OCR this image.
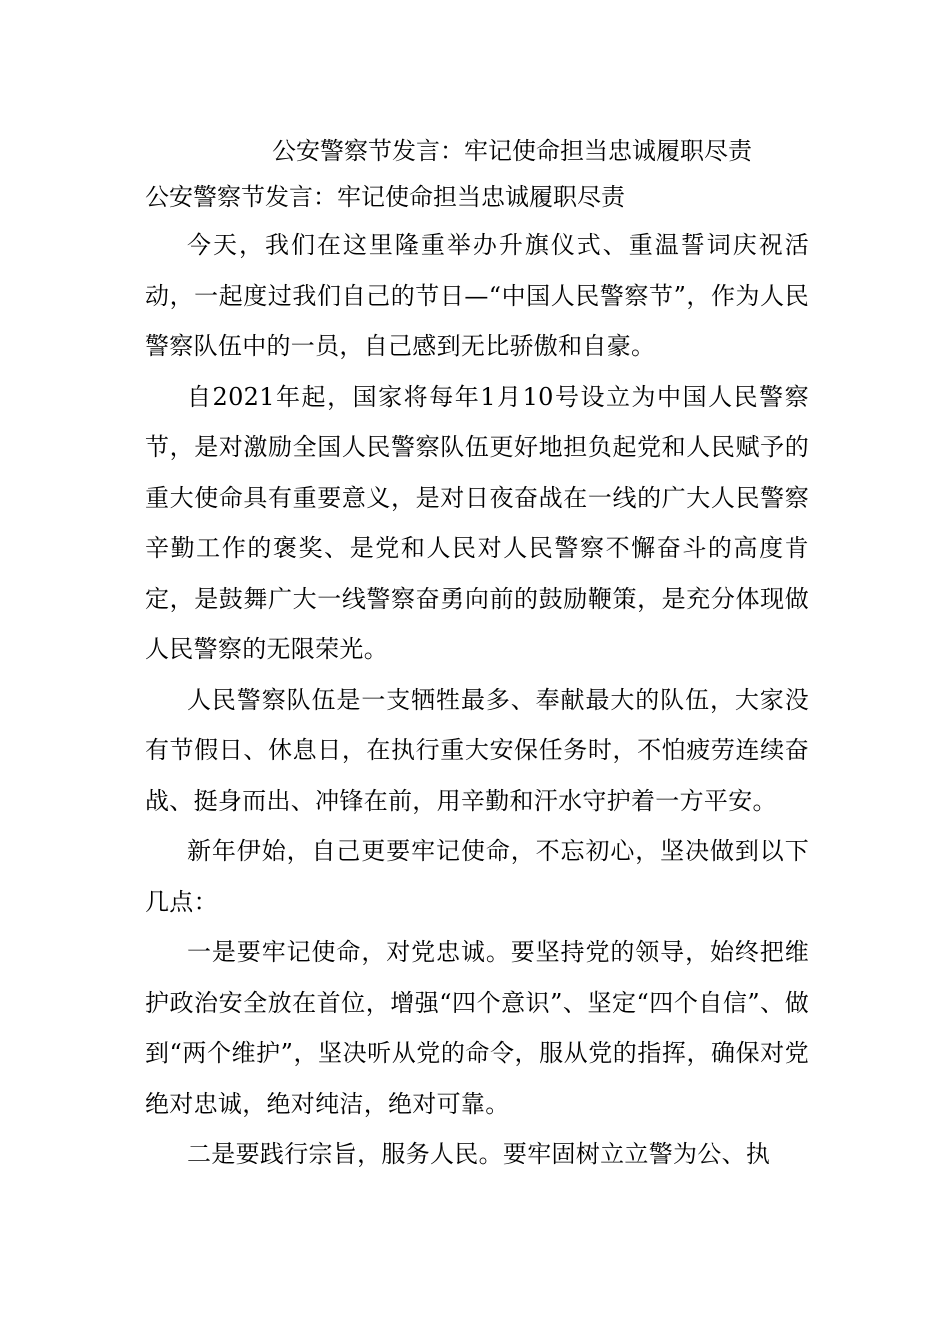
公安警察节发言：牢记使命担当忠诚履职尽责

公安警察节发言：牢记使命担当忠诚履职尽责

今天，我们在这里隆重举办升旗仪式、重温誓词庆祝活动，一起度过我们自己的节日—“中国人民警察节”，作为人民警察队伍中的一员，自己感到无比骄傲和自豪。

自2021年起，国家将每年1月10号设立为中国人民警察节，是对激励全国人民警察队伍更好地担负起党和人民赋予的重大使命具有重要意义，是对日夜奋战在一线的广大人民警察辛勤工作的褒奖、是党和人民对人民警察不懈奋斗的高度肯定，是鼓舞广大一线警察奋勇向前的鼓励鞭策，是充分体现做人民警察的无限荣光。

人民警察队伍是一支牺牲最多、奉献最大的队伍，大家没有节假日、休息日，在执行重大安保任务时，不怕疲劳连续奋战、挺身而出、冲锋在前，用辛勤和汗水守护着一方平安。

新年伊始，自己更要牢记使命，不忘初心，坚决做到以下几点：

一是要牢记使命，对党忠诚。要坚持党的领导，始终把维护政治安全放在首位，增强“四个意识”、坚定“四个自信”、做到“两个维护”，坚决听从党的命令，服从党的指挥，确保对党绝对忠诚，绝对纯洁，绝对可靠。

二是要践行宗旨，服务人民。要牢固树立立警为公、执
